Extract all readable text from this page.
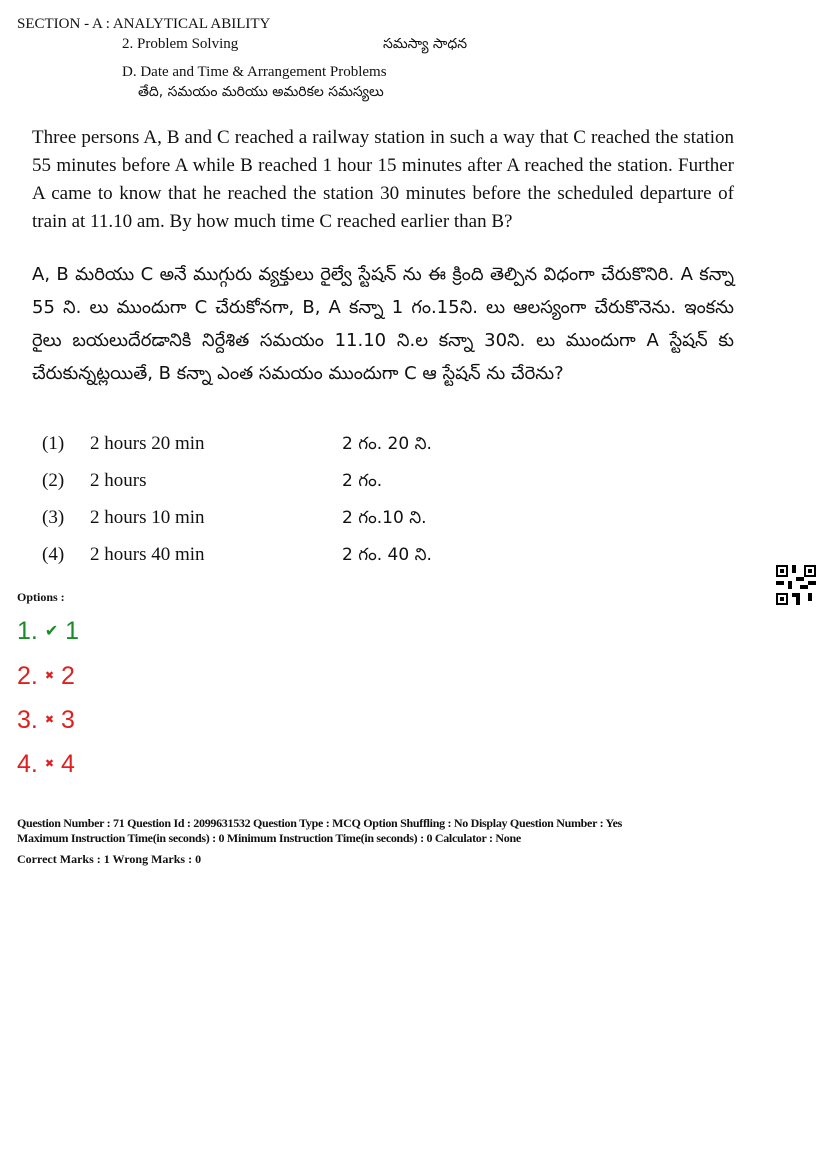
SECTION - A : ANALYTICAL ABILITY
2. Problem Solving	సమస్యా సాధన
D. Date and Time & Arrangement Problems
తేది, సమయం మరియు అమరికల సమస్యలు
Three persons A, B and C reached a railway station in such a way that C reached the station 55 minutes before A while B reached 1 hour 15 minutes after A reached the station. Further A came to know that he reached the station 30 minutes before the scheduled departure of train at 11.10 am. By how much time C reached earlier than B?
A, B మరియు C అనే ముగ్గురు వ్యక్తులు రైల్వే స్టేషన్ ను ఈ క్రింది తెల్పిన విధంగా చేరుకొనిరి. A కన్నా 55 ని. లు ముందుగా C చేరుకోనగా, B, A కన్నా 1 గం.15ని. లు ఆలస్యంగా చేరుకొనెను. ఇంకను రైలు బయలుదేరడానికి నిర్దేశిత సమయం 11.10 ని.ల కన్నా 30ని. లు ముందుగా A స్టేషన్ కు చేరుకున్నట్లయితే, B కన్నా ఎంత సమయం ముందుగా C ఆ స్టేషన్ ను చేరెను?
(1)	2 hours 20 min	2 గం. 20 ని.
(2)	2 hours	2 గం.
(3)	2 hours 10 min	2 గం.10 ని.
(4)	2 hours 40 min	2 గం. 40 ని.
Options :
1. ✔ 1
2. ✖ 2
3. ✖ 3
4. ✖ 4
Question Number : 71 Question Id : 2099631532 Question Type : MCQ Option Shuffling : No Display Question Number : Yes
Maximum Instruction Time(in seconds) : 0 Minimum Instruction Time(in seconds) : 0 Calculator : None
Correct Marks : 1 Wrong Marks : 0
